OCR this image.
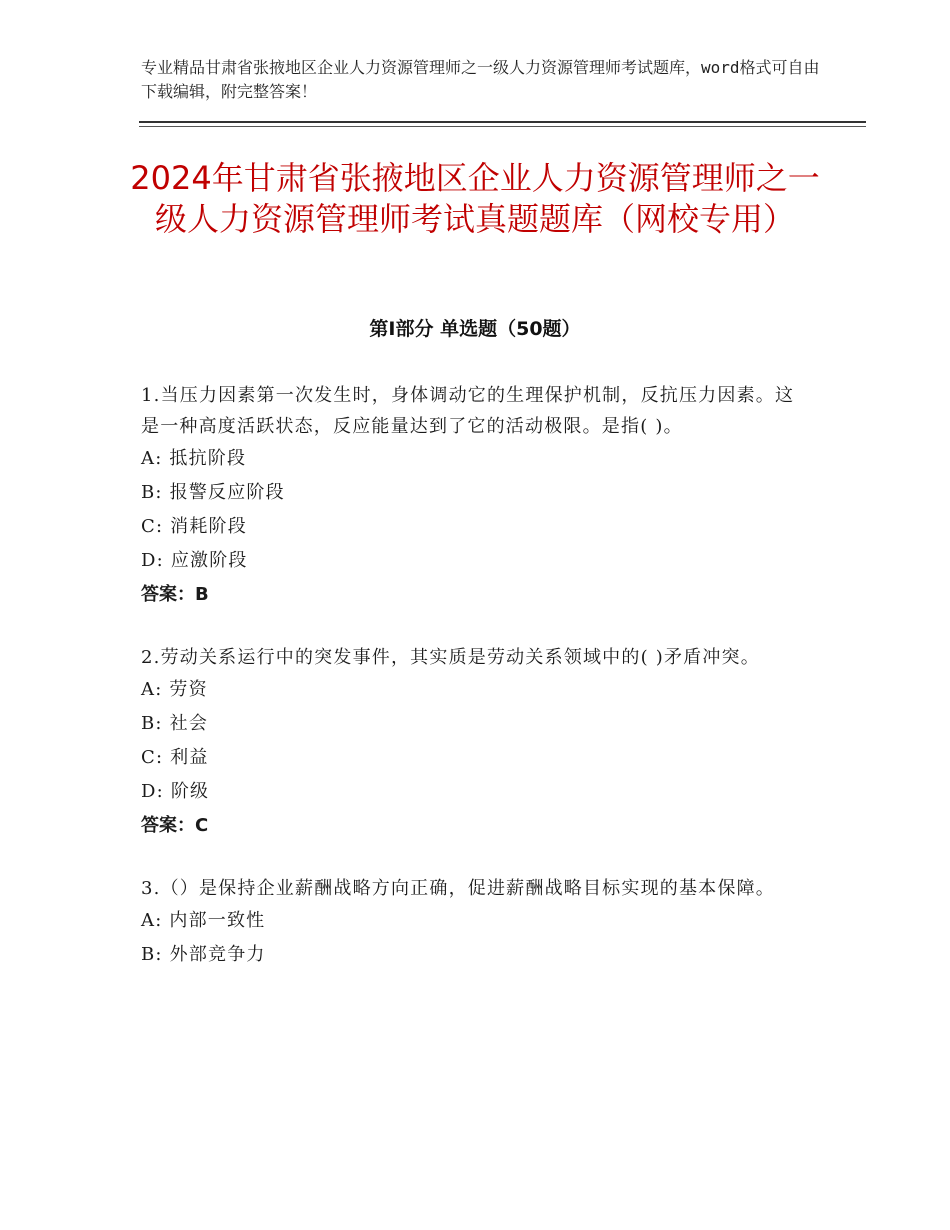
专业精品甘肃省张掖地区企业人力资源管理师之一级人力资源管理师考试题库，word格式可自由下载编辑，附完整答案！
2024年甘肃省张掖地区企业人力资源管理师之一级人力资源管理师考试真题题库（网校专用）
第Ⅰ部分 单选题（50题）

1.当压力因素第一次发生时，身体调动它的生理保护机制，反抗压力因素。这是一种高度活跃状态，反应能量达到了它的活动极限。是指( )。

A: 抵抗阶段

B: 报警反应阶段

C: 消耗阶段

D: 应激阶段

答案：B

2.劳动关系运行中的突发事件，其实质是劳动关系领域中的( )矛盾冲突。

A: 劳资

B: 社会

C: 利益

D: 阶级

答案：C

3.（）是保持企业薪酬战略方向正确，促进薪酬战略目标实现的基本保障。

A: 内部一致性

B: 外部竞争力
